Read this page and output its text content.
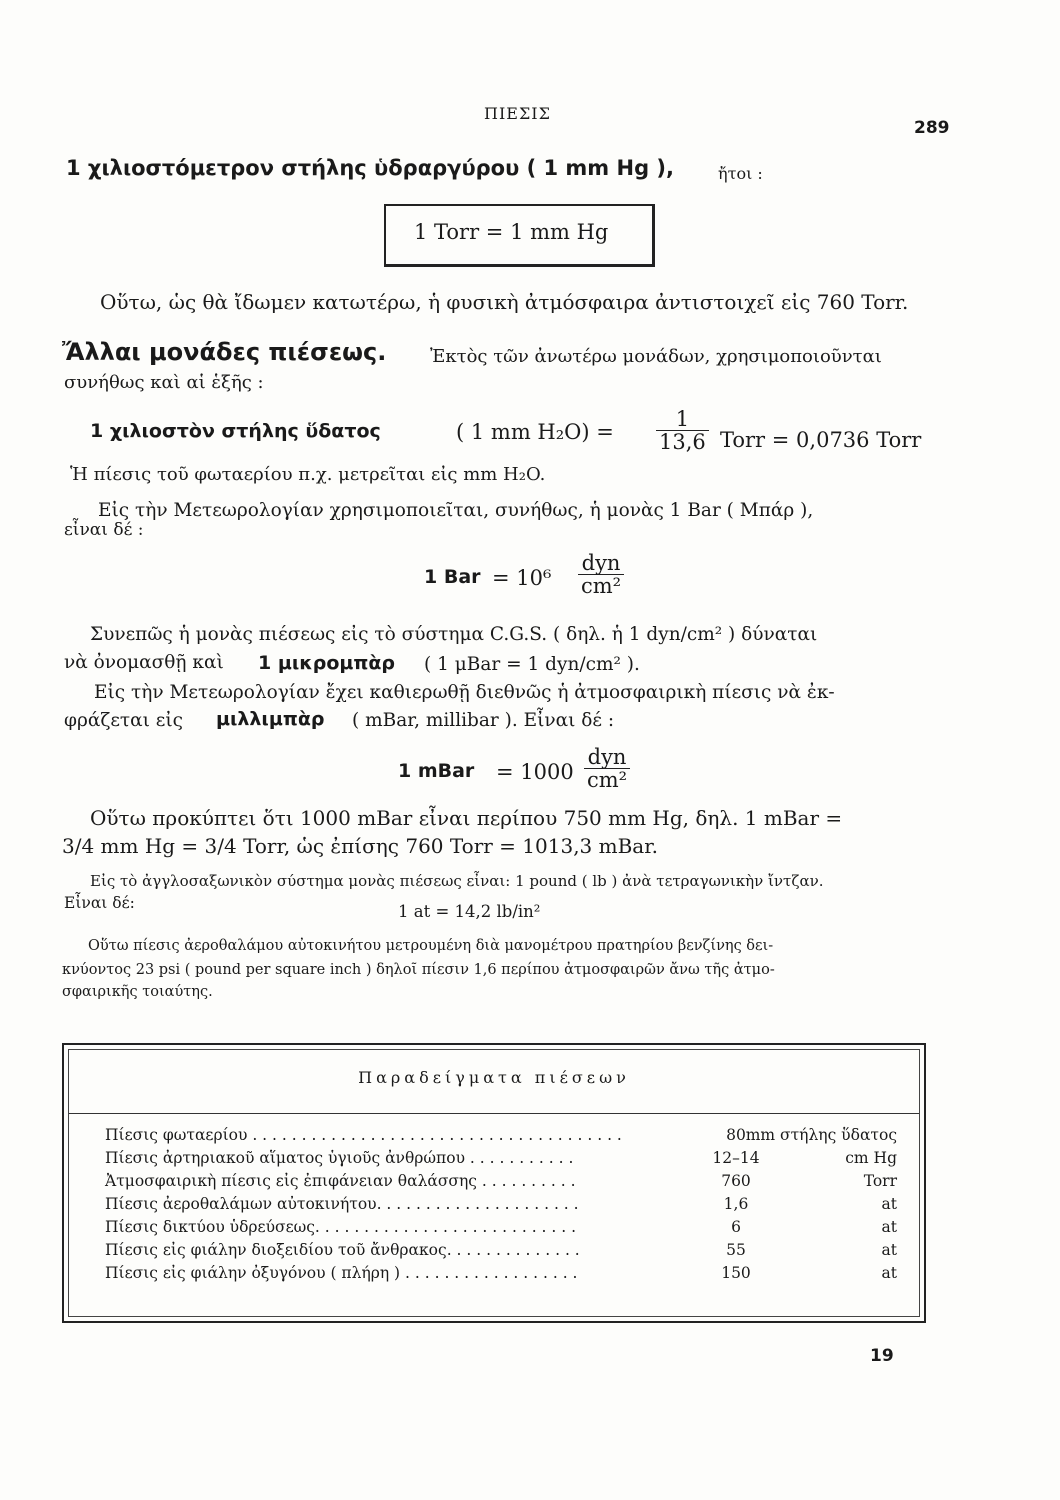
ΠΙΕΣΙΣ
289
1 χιλιοστόμετρον στήλης ὑδραργύρου ( 1 mm Hg ),	ἤτοι :
1 Torr = 1 mm Hg
Οὕτω, ὡς θὰ ἴδωμεν κατωτέρω, ἡ φυσικὴ ἀτμόσφαιρα ἀντιστοιχεῖ εἰς 760 Torr.
Ἄλλαι μονάδες πιέσεως. Ἐκτὸς τῶν ἀνωτέρω μονάδων, χρησιμοποιοῦνται
συνήθως καὶ αἱ ἑξῆς :
1 χιλιοστὸν στήλης ὕδατος	( 1 mm $H_2O) = \frac{1}{13,6}$ Torr = 0,0736 Torr
Ἡ πίεσις τοῦ φωταερίου π.χ. μετρεῖται εἰς mm H₂O.
Εἰς τὴν Μετεωρολογίαν χρησιμοποιεῖται, συνήθως, ἡ μονὰς 1 Bar ( Μπάρ ),
εἶναι δέ :
1 Bar = $10^6 \frac{\text{dyn}}{\text{cm²}}$
Συνεπῶς ἡ μονὰς πιέσεως εἰς τὸ σύστημα C.G.S. ( δηλ. ἡ 1 dyn/cm² ) δύναται
νὰ ὀνομασθῇ καὶ 1 μικρομπὰρ ( 1 μBar = 1 dyn/cm² ).
Εἰς τὴν Μετεωρολογίαν ἔχει καθιερωθῇ διεθνῶς ἡ ἀτμοσφαιρικὴ πίεσις νὰ ἐκ-
φράζεται εἰς μιλλιμπὰρ ( mBar, millibar ). Εἶναι δέ :
1 mBar = $1000 \frac{\text{dyn}}{\text{cm²}}$
Οὕτω προκύπτει ὅτι 1000 mBar εἶναι περίπου 750 mm Hg, δηλ. 1 mBar =
3/4 mm Hg = 3/4 Torr, ὡς ἐπίσης 760 Torr = 1013,3 mBar.
Εἰς τὸ ἀγγλοσαξωνικὸν σύστημα μονὰς πιέσεως εἶναι: 1 pound ( lb ) ἀνὰ τετραγωνικὴν ἴντζαν.
Εἶναι δέ:	1 at = 14,2 lb/in²
Οὕτω πίεσις ἀεροθαλάμου αὐτοκινήτου μετρουμένη διὰ μανομέτρου πρατηρίου βενζίνης δει-
κνύοντος 23 psi ( pound per square inch ) δηλοῖ πίεσιν 1,6 περίπου ἀτμοσφαιρῶν ἄνω τῆς ἀτμο-
σφαιρικῆς τοιαύτης.
Παραδείγματα πιέσεων
Πίεσις φωταερίου . . . . . . . . . . . . . . . . . . . . . . . . . . . . . . . . . . . . . .	80 mm στήλης ὕδατος
Πίεσις ἀρτηριακοῦ αἵματος ὑγιοῦς ἀνθρώπου . . . . . . . . . . .	12–14	cm Hg
Ἀτμοσφαιρικὴ πίεσις εἰς ἐπιφάνειαν θαλάσσης . . . . . . . . . .	760	Torr
Πίεσις ἀεροθαλάμων αὐτοκινήτου. . . . . . . . . . . . . . . . . . . . .	1,6	at
Πίεσις δικτύου ὑδρεύσεως. . . . . . . . . . . . . . . . . . . . . . . . . . .	6	at
Πίεσις εἰς φιάλην διοξειδίου τοῦ ἄνθρακος. . . . . . . . . . . . . .	55	at
Πίεσις εἰς φιάλην ὀξυγόνου ( πλήρη ) . . . . . . . . . . . . . . . . . .	150	at
19
